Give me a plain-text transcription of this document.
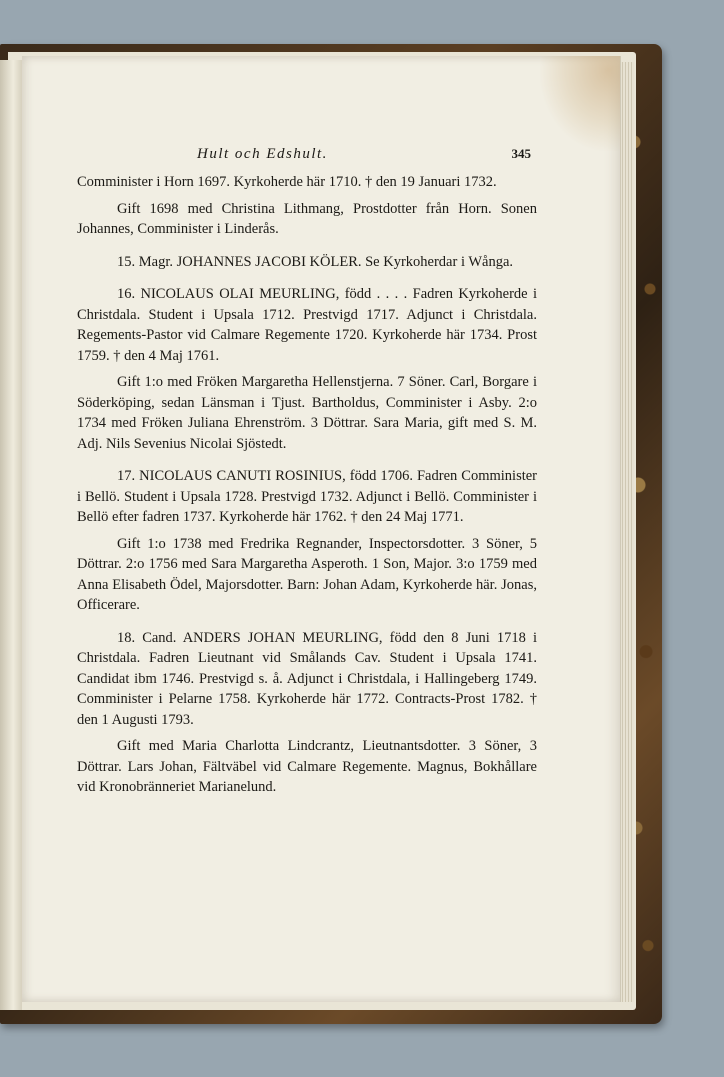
Hult och Edshult.	345

Comminister i Horn 1697. Kyrkoherde här 1710. † den 19 Januari 1732.

Gift 1698 med Christina Lithmang, Prostdotter från Horn. Sonen Johannes, Comminister i Linderås.

15. Magr. JOHANNES JACOBI KÖLER. Se Kyrkoherdar i Wånga.

16. NICOLAUS OLAI MEURLING, född . . . . Fadren Kyrkoherde i Christdala. Student i Upsala 1712. Prestvigd 1717. Adjunct i Christdala. Regements-Pastor vid Calmare Regemente 1720. Kyrkoherde här 1734. Prost 1759. † den 4 Maj 1761.

Gift 1:o med Fröken Margaretha Hellenstjerna. 7 Söner. Carl, Borgare i Söderköping, sedan Länsman i Tjust. Bartholdus, Comminister i Asby. 2:o 1734 med Fröken Juliana Ehrenström. 3 Döttrar. Sara Maria, gift med S. M. Adj. Nils Sevenius Nicolai Sjöstedt.

17. NICOLAUS CANUTI ROSINIUS, född 1706. Fadren Comminister i Bellö. Student i Upsala 1728. Prestvigd 1732. Adjunct i Bellö. Comminister i Bellö efter fadren 1737. Kyrkoherde här 1762. † den 24 Maj 1771.

Gift 1:o 1738 med Fredrika Regnander, Inspectorsdotter. 3 Söner, 5 Döttrar. 2:o 1756 med Sara Margaretha Asperoth. 1 Son, Major. 3:o 1759 med Anna Elisabeth Ödel, Majorsdotter. Barn: Johan Adam, Kyrkoherde här. Jonas, Officerare.

18. Cand. ANDERS JOHAN MEURLING, född den 8 Juni 1718 i Christdala. Fadren Lieutnant vid Smålands Cav. Student i Upsala 1741. Candidat ibm 1746. Prestvigd s. å. Adjunct i Christdala, i Hallingeberg 1749. Comminister i Pelarne 1758. Kyrkoherde här 1772. Contracts-Prost 1782. † den 1 Augusti 1793.

Gift med Maria Charlotta Lindcrantz, Lieutnantsdotter. 3 Söner, 3 Döttrar. Lars Johan, Fältväbel vid Calmare Regemente. Magnus, Bokhållare vid Kronobränneriet Marianelund.
